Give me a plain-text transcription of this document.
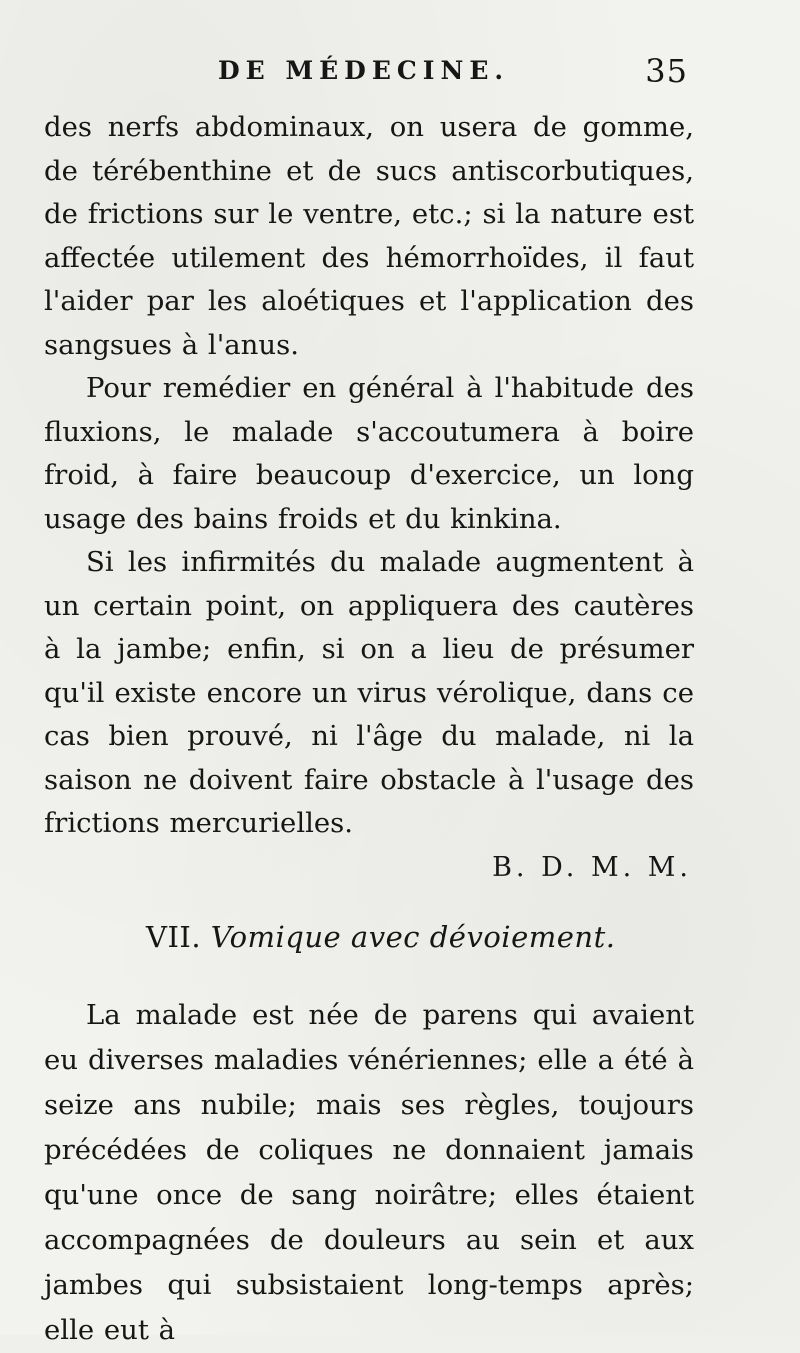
DE MÉDECINE.	35

des nerfs abdominaux, on usera de gomme, de térébenthine et de sucs antiscorbutiques, de frictions sur le ventre, etc.; si la nature est affectée utilement des hémorrhoïdes, il faut l'aider par les aloétiques et l'application des sangsues à l'anus.

Pour remédier en général à l'habitude des fluxions, le malade s'accoutumera à boire froid, à faire beaucoup d'exercice, un long usage des bains froids et du kinkina.

Si les infirmités du malade augmentent à un certain point, on appliquera des cautères à la jambe; enfin, si on a lieu de présumer qu'il existe encore un virus vérolique, dans ce cas bien prouvé, ni l'âge du malade, ni la saison ne doivent faire obstacle à l'usage des frictions mercurielles.

B. D. M. M.
VII. Vomique avec dévoiement.

La malade est née de parens qui avaient eu diverses maladies vénériennes; elle a été à seize ans nubile; mais ses règles, toujours précédées de coliques ne donnaient jamais qu'une once de sang noirâtre; elles étaient accompagnées de douleurs au sein et aux jambes qui subsistaient long-temps après; elle eut à
